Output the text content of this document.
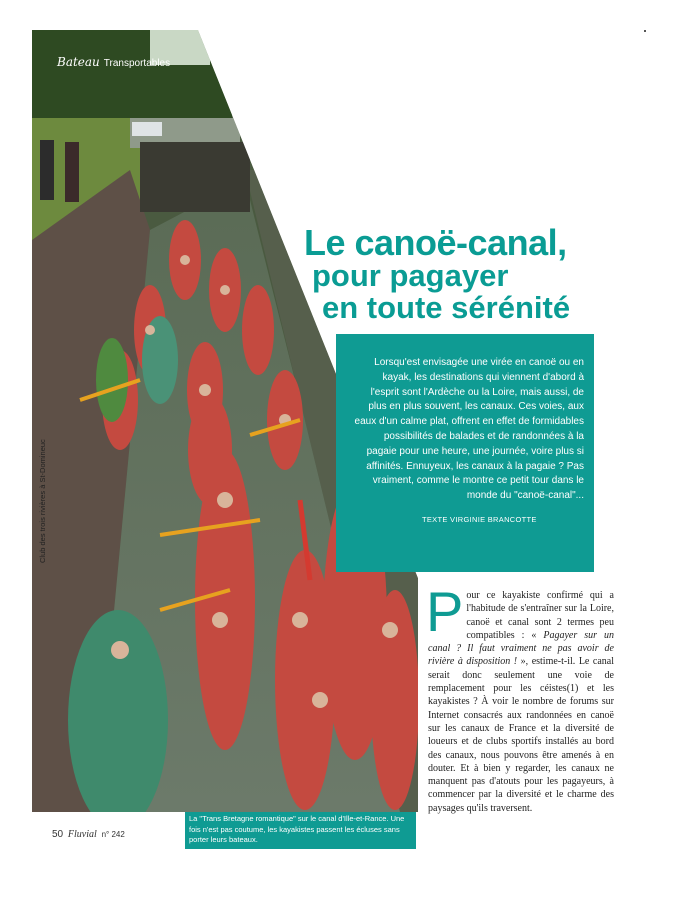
Bateau Transportables
Le canoë-canal,
pour pagayer
en toute sérénité
Lorsqu'est envisagée une virée en canoë ou en kayak, les destinations qui viennent d'abord à l'esprit sont l'Ardèche ou la Loire, mais aussi, de plus en plus souvent, les canaux. Ces voies, aux eaux d'un calme plat, offrent en effet de formidables possibilités de balades et de randonnées à la pagaie pour une heure, une journée, voire plus si affinités. Ennuyeux, les canaux à la pagaie ? Pas vraiment, comme le montre ce petit tour dans le monde du "canoë-canal"...
TEXTE VIRGINIE BRANCOTTE

Pour ce kayakiste confirmé qui a l'habitude de s'entraîner sur la Loire, canoë et canal sont 2 termes peu compatibles : « Pagayer sur un canal ? Il faut vraiment ne pas avoir de rivière à disposition ! », estime-t-il. Le canal serait donc seulement une voie de remplacement pour les céistes(1) et les kayakistes ? À voir le nombre de forums sur Internet consacrés aux randonnées en canoë sur les canaux de France et la diversité de loueurs et de clubs sportifs installés au bord des canaux, nous pouvons être amenés à en douter. Et à bien y regarder, les canaux ne manquent pas d'atouts pour les pagayeurs, à commencer par la diversité et le charme des paysages qu'ils traversent.

La "Trans Bretagne romantique" sur le canal d'Ille-et-Rance. Une fois n'est pas coutume, les kayakistes passent les écluses sans porter leurs bateaux.
Club des trois rivières à St-Domineuc
50 Fluvial n° 242
